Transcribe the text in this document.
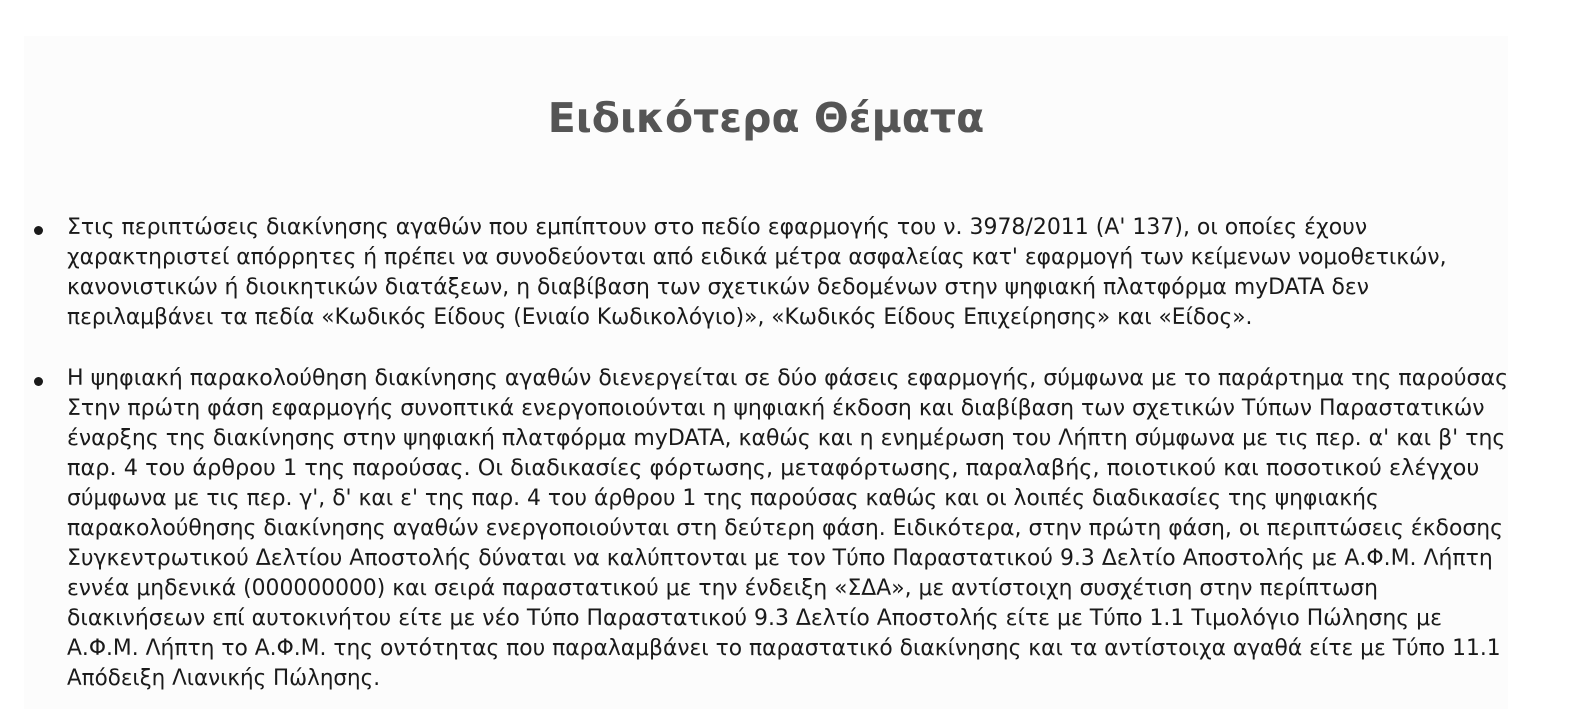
Ειδικότερα Θέματα
Στις περιπτώσεις διακίνησης αγαθών που εμπίπτουν στο πεδίο εφαρμογής του ν. 3978/2011 (Α' 137), οι οποίες έχουν
χαρακτηριστεί απόρρητες ή πρέπει να συνοδεύονται από ειδικά μέτρα ασφαλείας κατ' εφαρμογή των κείμενων νομοθετικών,
κανονιστικών ή διοικητικών διατάξεων, η διαβίβαση των σχετικών δεδομένων στην ψηφιακή πλατφόρμα myDATA δεν
περιλαμβάνει τα πεδία «Κωδικός Είδους (Ενιαίο Κωδικολόγιο)», «Κωδικός Είδους Επιχείρησης» και «Είδος».
Η ψηφιακή παρακολούθηση διακίνησης αγαθών διενεργείται σε δύο φάσεις εφαρμογής, σύμφωνα με το παράρτημα της παρούσας
Στην πρώτη φάση εφαρμογής συνοπτικά ενεργοποιούνται η ψηφιακή έκδοση και διαβίβαση των σχετικών Τύπων Παραστατικών
έναρξης της διακίνησης στην ψηφιακή πλατφόρμα myDATA, καθώς και η ενημέρωση του Λήπτη σύμφωνα με τις περ. α' και β' της
παρ. 4 του άρθρου 1 της παρούσας. Οι διαδικασίες φόρτωσης, μεταφόρτωσης, παραλαβής, ποιοτικού και ποσοτικού ελέγχου
σύμφωνα με τις περ. γ', δ' και ε' της παρ. 4 του άρθρου 1 της παρούσας καθώς και οι λοιπές διαδικασίες της ψηφιακής
παρακολούθησης διακίνησης αγαθών ενεργοποιούνται στη δεύτερη φάση. Ειδικότερα, στην πρώτη φάση, οι περιπτώσεις έκδοσης
Συγκεντρωτικού Δελτίου Αποστολής δύναται να καλύπτονται με τον Τύπο Παραστατικού 9.3 Δελτίο Αποστολής με Α.Φ.Μ. Λήπτη
εννέα μηδενικά (000000000) και σειρά παραστατικού με την ένδειξη «ΣΔΑ», με αντίστοιχη συσχέτιση στην περίπτωση
διακινήσεων επί αυτοκινήτου είτε με νέο Τύπο Παραστατικού 9.3 Δελτίο Αποστολής είτε με Τύπο 1.1 Τιμολόγιο Πώλησης με
Α.Φ.Μ. Λήπτη το Α.Φ.Μ. της οντότητας που παραλαμβάνει το παραστατικό διακίνησης και τα αντίστοιχα αγαθά είτε με Τύπο 11.1
Απόδειξη Λιανικής Πώλησης.
